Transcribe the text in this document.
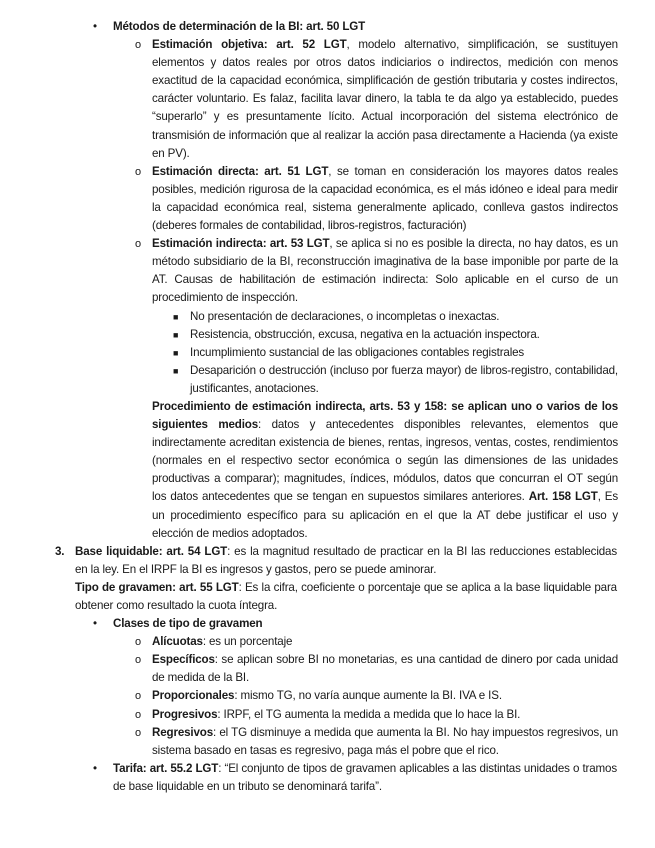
• Métodos de determinación de la BI: art. 50 LGT

o Estimación objetiva: art. 52 LGT, modelo alternativo, simplificación, se sustituyen elementos y datos reales por otros datos indiciarios o indirectos, medición con menos exactitud de la capacidad económica, simplificación de gestión tributaria y costes indirectos, carácter voluntario. Es falaz, facilita lavar dinero, la tabla te da algo ya establecido, puedes “superarlo” y es presuntamente lícito. Actual incorporación del sistema electrónico de transmisión de información que al realizar la acción pasa directamente a Hacienda (ya existe en PV).

o Estimación directa: art. 51 LGT, se toman en consideración los mayores datos reales posibles, medición rigurosa de la capacidad económica, es el más idóneo e ideal para medir la capacidad económica real, sistema generalmente aplicado, conlleva gastos indirectos (deberes formales de contabilidad, libros-registros, facturación)

o Estimación indirecta: art. 53 LGT, se aplica si no es posible la directa, no hay datos, es un método subsidiario de la BI, reconstrucción imaginativa de la base imponible por parte de la AT. Causas de habilitación de estimación indirecta: Solo aplicable en el curso de un procedimiento de inspección.

■ No presentación de declaraciones, o incompletas o inexactas.

■ Resistencia, obstrucción, excusa, negativa en la actuación inspectora.

■ Incumplimiento sustancial de las obligaciones contables registrales

■ Desaparición o destrucción (incluso por fuerza mayor) de libros-registro, contabilidad, justificantes, anotaciones.

Procedimiento de estimación indirecta, arts. 53 y 158: se aplican uno o varios de los siguientes medios: datos y antecedentes disponibles relevantes, elementos que indirectamente acreditan existencia de bienes, rentas, ingresos, ventas, costes, rendimientos (normales en el respectivo sector económica o según las dimensiones de las unidades productivas a comparar); magnitudes, índices, módulos, datos que concurran el OT según los datos antecedentes que se tengan en supuestos similares anteriores. Art. 158 LGT, Es un procedimiento específico para su aplicación en el que la AT debe justificar el uso y elección de medios adoptados.

3. Base liquidable: art. 54 LGT: es la magnitud resultado de practicar en la BI las reducciones establecidas en la ley. En el IRPF la BI es ingresos y gastos, pero se puede aminorar.

Tipo de gravamen: art. 55 LGT: Es la cifra, coeficiente o porcentaje que se aplica a la base liquidable para obtener como resultado la cuota íntegra.

• Clases de tipo de gravamen

o Alícuotas: es un porcentaje

o Específicos: se aplican sobre BI no monetarias, es una cantidad de dinero por cada unidad de medida de la BI.

o Proporcionales: mismo TG, no varía aunque aumente la BI. IVA e IS.

o Progresivos: IRPF, el TG aumenta la medida a medida que lo hace la BI.

o Regresivos: el TG disminuye a medida que aumenta la BI. No hay impuestos regresivos, un sistema basado en tasas es regresivo, paga más el pobre que el rico.

• Tarifa: art. 55.2 LGT: “El conjunto de tipos de gravamen aplicables a las distintas unidades o tramos de base liquidable en un tributo se denominará tarifa”.
